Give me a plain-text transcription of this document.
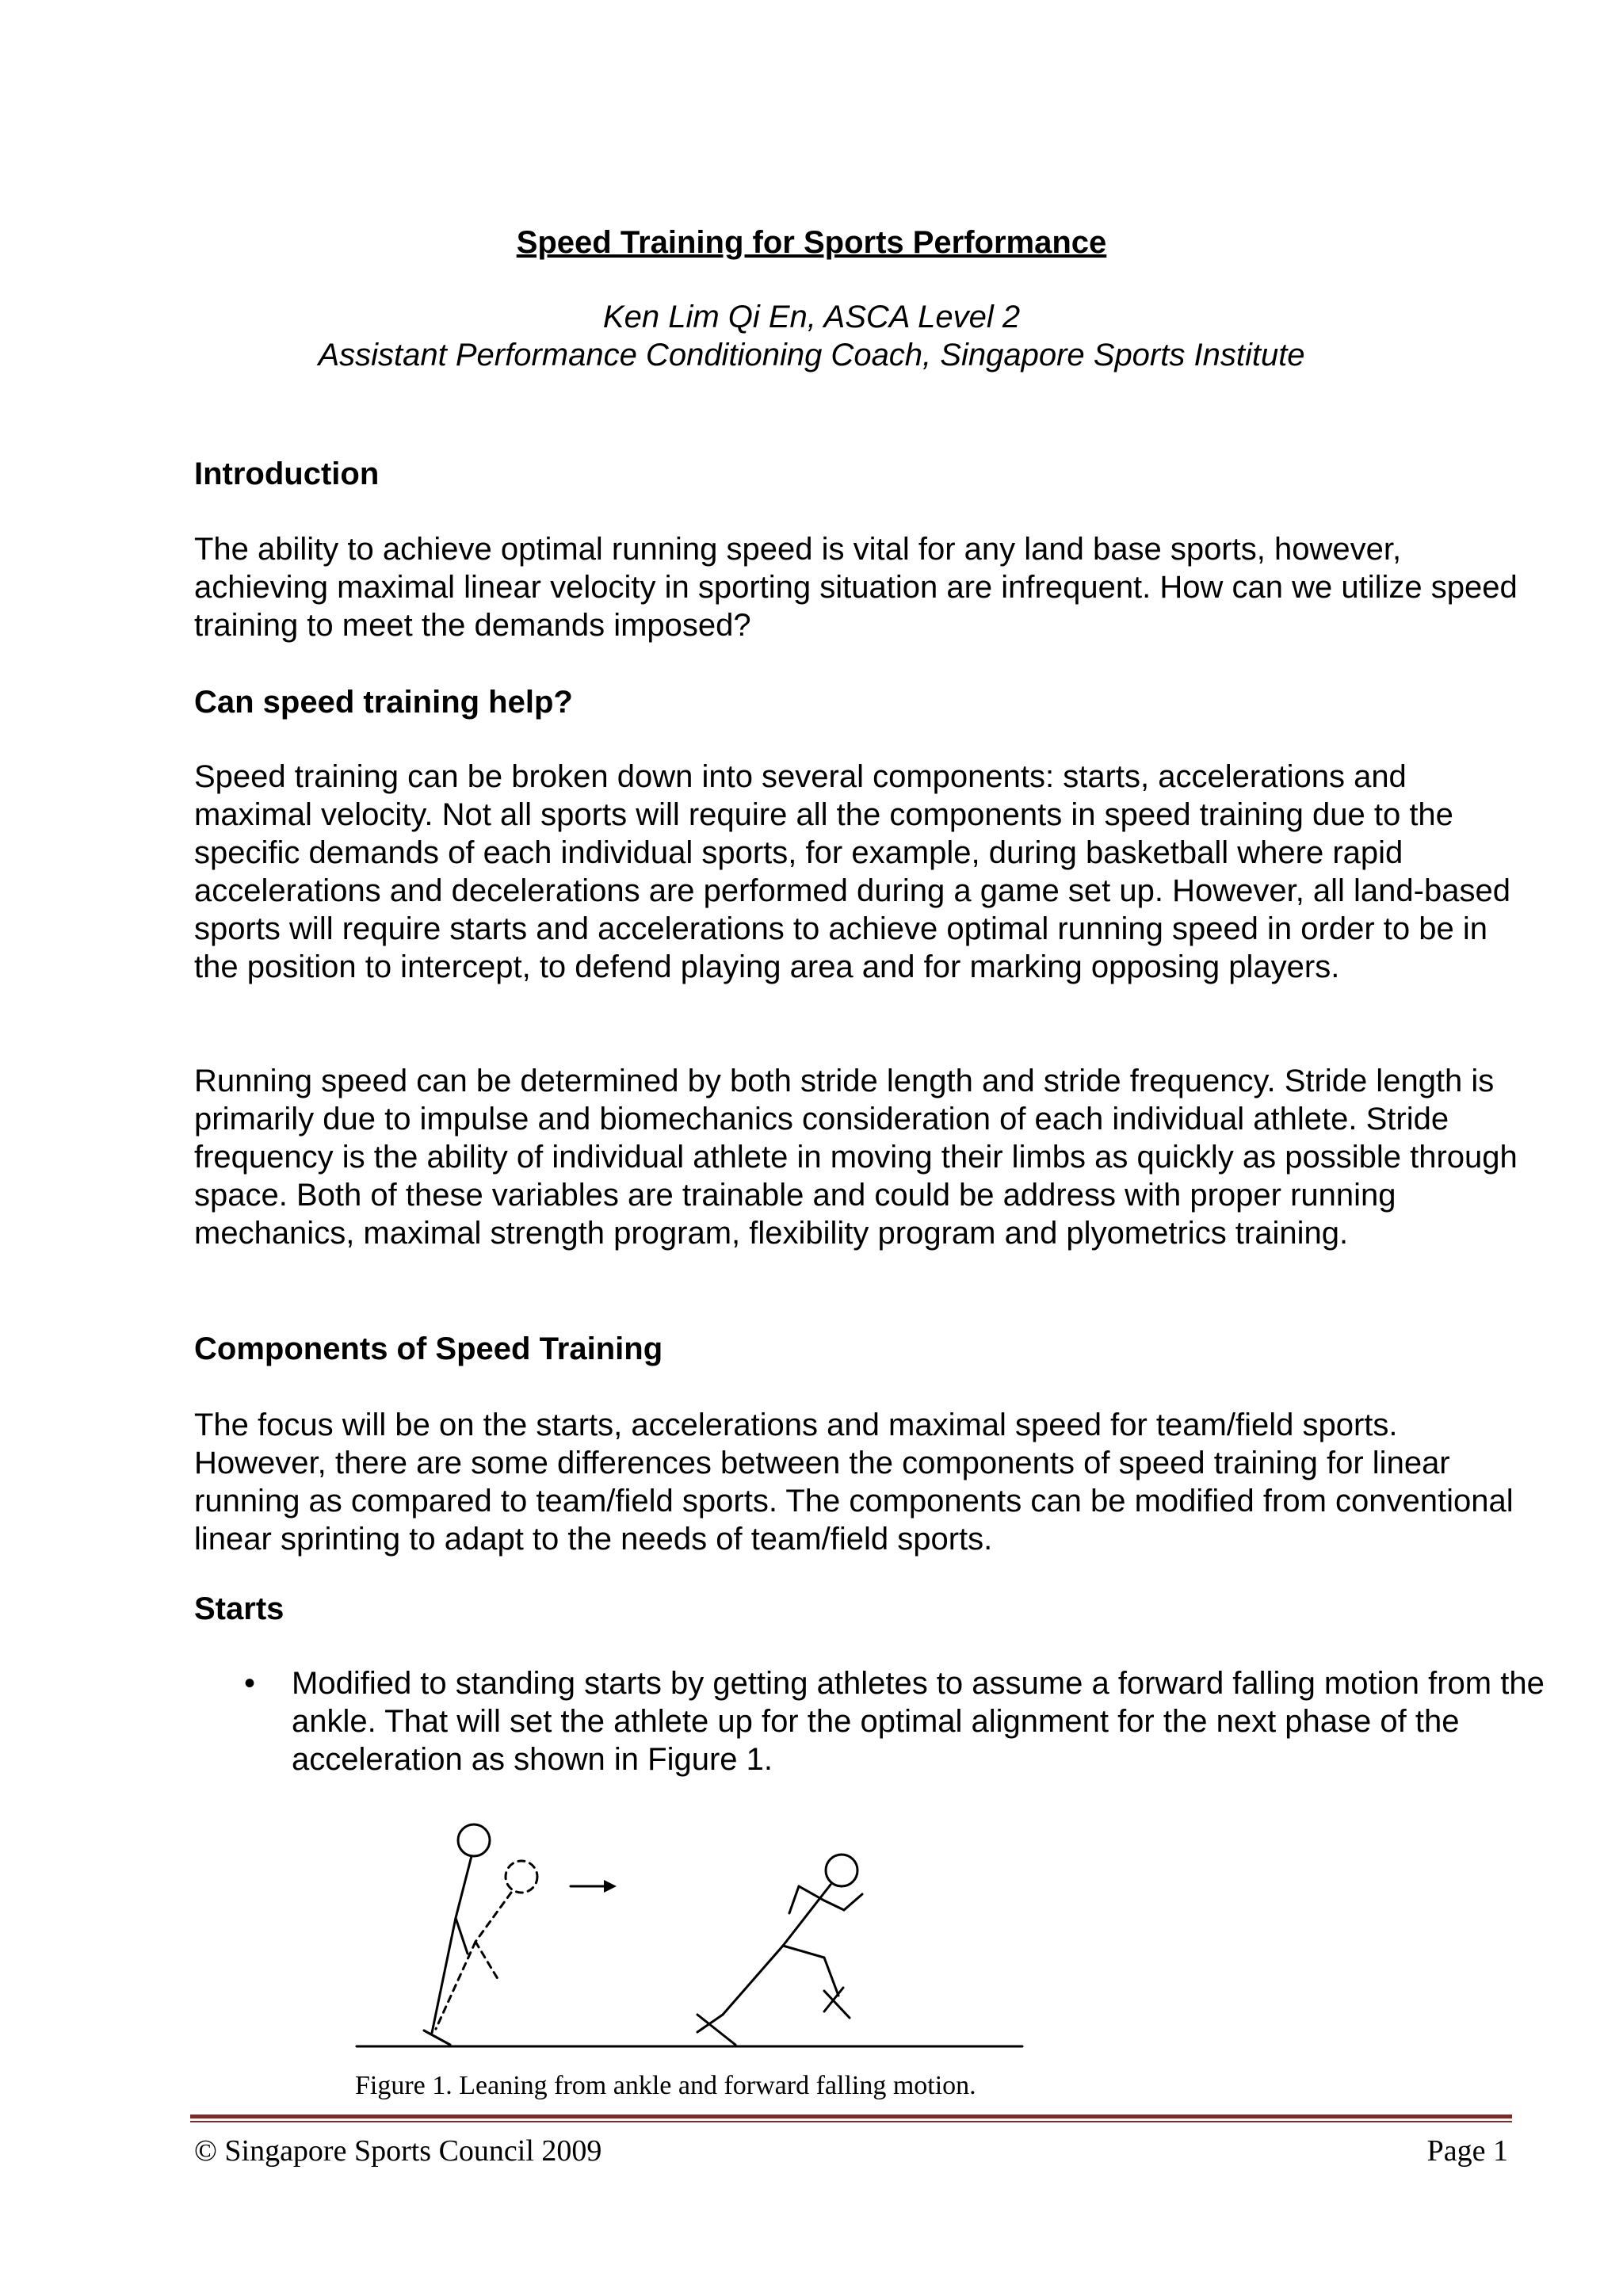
Speed Training for Sports Performance
Ken Lim Qi En, ASCA Level 2
Assistant Performance Conditioning Coach, Singapore Sports Institute
Introduction

The ability to achieve optimal running speed is vital for any land base sports, however, achieving maximal linear velocity in sporting situation are infrequent. How can we utilize speed training to meet the demands imposed?

Can speed training help?

Speed training can be broken down into several components: starts, accelerations and maximal velocity. Not all sports will require all the components in speed training due to the specific demands of each individual sports, for example, during basketball where rapid accelerations and decelerations are performed during a game set up. However, all land-based sports will require starts and accelerations to achieve optimal running speed in order to be in the position to intercept, to defend playing area and for marking opposing players.

Running speed can be determined by both stride length and stride frequency. Stride length is primarily due to impulse and biomechanics consideration of each individual athlete. Stride frequency is the ability of individual athlete in moving their limbs as quickly as possible through space. Both of these variables are trainable and could be address with proper running mechanics, maximal strength program, flexibility program and plyometrics training.

Components of Speed Training

The focus will be on the starts, accelerations and maximal speed for team/field sports. However, there are some differences between the components of speed training for linear running as compared to team/field sports. The components can be modified from conventional linear sprinting to adapt to the needs of team/field sports.

Starts
• Modified to standing starts by getting athletes to assume a forward falling motion from the ankle. That will set the athlete up for the optimal alignment for the next phase of the acceleration as shown in Figure 1.

Figure 1. Leaning from ankle and forward falling motion.
© Singapore Sports Council 2009	Page 1
